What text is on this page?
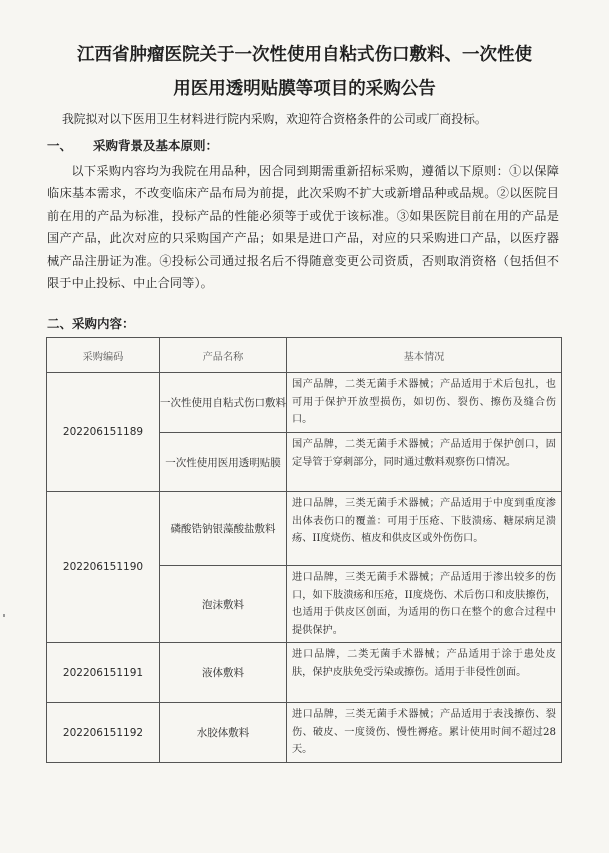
江西省肿瘤医院关于一次性使用自粘式伤口敷料、一次性使
用医用透明贴膜等项目的采购公告
我院拟对以下医用卫生材料进行院内采购，欢迎符合资格条件的公司或厂商投标。
一、 采购背景及基本原则：
以下采购内容均为我院在用品种，因合同到期需重新招标采购，遵循以下原则：①以保障临床基本需求，不改变临床产品布局为前提，此次采购不扩大或新增品种或品规。②以医院目前在用的产品为标准，投标产品的性能必须等于或优于该标准。③如果医院目前在用的产品是国产产品，此次对应的只采购国产产品；如果是进口产品，对应的只采购进口产品，以医疗器械产品注册证为准。④投标公司通过报名后不得随意变更公司资质，否则取消资格（包括但不限于中止投标、中止合同等）。
二、采购内容：
采购编码	产品名称	基本情况
202206151189	一次性使用自粘式伤口敷料	国产品牌，二类无菌手术器械；产品适用于术后包扎，也可用于保护开放型损伤，如切伤、裂伤、擦伤及缝合伤口。
	一次性使用医用透明贴膜	国产品牌，二类无菌手术器械；产品适用于保护创口，固定导管于穿刺部分，同时通过敷料观察伤口情况。
202206151190	磷酸锆钠银藻酸盐敷料	进口品牌，三类无菌手术器械；产品适用于中度到重度渗出体表伤口的覆盖：可用于压疮、下肢溃疡、糖尿病足溃疡、II度烧伤、植皮和供皮区或外伤伤口。
	泡沫敷料	进口品牌，三类无菌手术器械；产品适用于渗出较多的伤口，如下肢溃疡和压疮，II度烧伤、术后伤口和皮肤擦伤，也适用于供皮区创面，为适用的伤口在整个的愈合过程中提供保护。
202206151191	液体敷料	进口品牌，二类无菌手术器械；产品适用于涂于患处皮肤，保护皮肤免受污染或擦伤。适用于非侵性创面。
202206151192	水胶体敷料	进口品牌，三类无菌手术器械；产品适用于表浅擦伤、裂伤、破皮、一度烫伤、慢性褥疮。累计使用时间不超过28天。
